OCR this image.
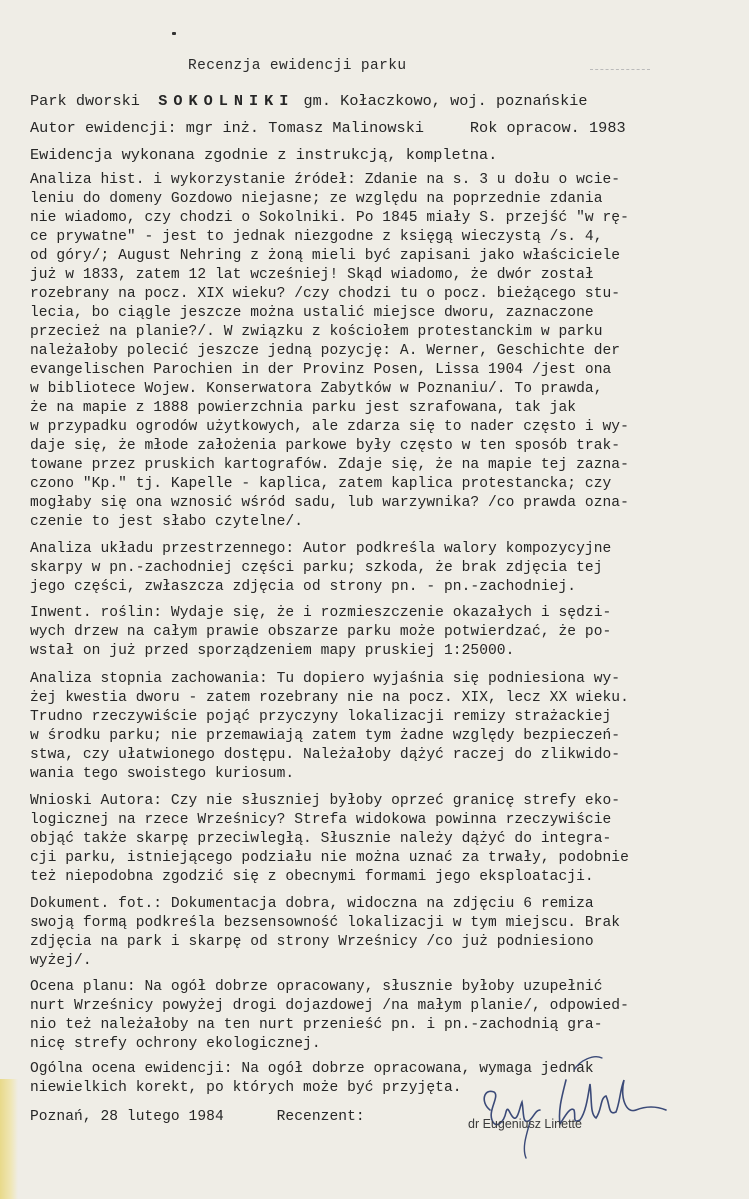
Recenzja ewidencji parku
Park dworski SOKOLNIKI gm. Kołaczkowo, woj. poznańskie
Autor ewidencji: mgr inż. Tomasz Malinowski     Rok opracow. 1983
Ewidencja wykonana zgodnie z instrukcją, kompletna.
Analiza hist. i wykorzystanie źródeł: Zdanie na s. 3 u dołu o wcie-
leniu do domeny Gozdowo niejasne; ze względu na poprzednie zdania
nie wiadomo, czy chodzi o Sokolniki. Po 1845 miały S. przejść "w rę-
ce prywatne" - jest to jednak niezgodne z księgą wieczystą /s. 4,
od góry/; August Nehring z żoną mieli być zapisani jako właściciele
już w 1833, zatem 12 lat wcześniej! Skąd wiadomo, że dwór został
rozebrany na pocz. XIX wieku? /czy chodzi tu o pocz. bieżącego stu-
lecia, bo ciągle jeszcze można ustalić miejsce dworu, zaznaczone
przecież na planie?/. W związku z kościołem protestanckim w parku
należałoby polecić jeszcze jedną pozycję: A. Werner, Geschichte der
evangelischen Parochien in der Provinz Posen, Lissa 1904 /jest ona
w bibliotece Wojew. Konserwatora Zabytków w Poznaniu/. To prawda,
że na mapie z 1888 powierzchnia parku jest szrafowana, tak jak
w przypadku ogrodów użytkowych, ale zdarza się to nader często i wy-
daje się, że młode założenia parkowe były często w ten sposób trak-
towane przez pruskich kartografów. Zdaje się, że na mapie tej zazna-
czono "Kp." tj. Kapelle - kaplica, zatem kaplica protestancka; czy
mogłaby się ona wznosić wśród sadu, lub warzywnika? /co prawda ozna-
czenie to jest słabo czytelne/.
Analiza układu przestrzennego: Autor podkreśla walory kompozycyjne
skarpy w pn.-zachodniej części parku; szkoda, że brak zdjęcia tej
jego części, zwłaszcza zdjęcia od strony pn. - pn.-zachodniej.
Inwent. roślin: Wydaje się, że i rozmieszczenie okazałych i sędzi-
wych drzew na całym prawie obszarze parku może potwierdzać, że po-
wstał on już przed sporządzeniem mapy pruskiej 1:25000.
Analiza stopnia zachowania: Tu dopiero wyjaśnia się podniesiona wy-
żej kwestia dworu - zatem rozebrany nie na pocz. XIX, lecz XX wieku.
Trudno rzeczywiście pojąć przyczyny lokalizacji remizy strażackiej
w środku parku; nie przemawiają zatem tym żadne względy bezpieczeń-
stwa, czy ułatwionego dostępu. Należałoby dążyć raczej do zlikwido-
wania tego swoistego kuriosum.
Wnioski Autora: Czy nie słuszniej byłoby oprzeć granicę strefy eko-
logicznej na rzece Wrześnicy? Strefa widokowa powinna rzeczywiście
objąć także skarpę przeciwległą. Słusznie należy dążyć do integra-
cji parku, istniejącego podziału nie można uznać za trwały, podobnie
też niepodobna zgodzić się z obecnymi formami jego eksploatacji.
Dokument. fot.: Dokumentacja dobra, widoczna na zdjęciu 6 remiza
swoją formą podkreśla bezsensowność lokalizacji w tym miejscu. Brak
zdjęcia na park i skarpę od strony Wrześnicy /co już podniesiono
wyżej/.
Ocena planu: Na ogół dobrze opracowany, słusznie byłoby uzupełnić
nurt Wrześnicy powyżej drogi dojazdowej /na małym planie/, odpowied-
nio też należałoby na ten nurt przenieść pn. i pn.-zachodnią gra-
nicę strefy ochrony ekologicznej.
Ogólna ocena ewidencji: Na ogół dobrze opracowana, wymaga jednak
niewielkich korekt, po których może być przyjęta.
Poznań, 28 lutego 1984      Recenzent:	dr Eugeniusz Linette
